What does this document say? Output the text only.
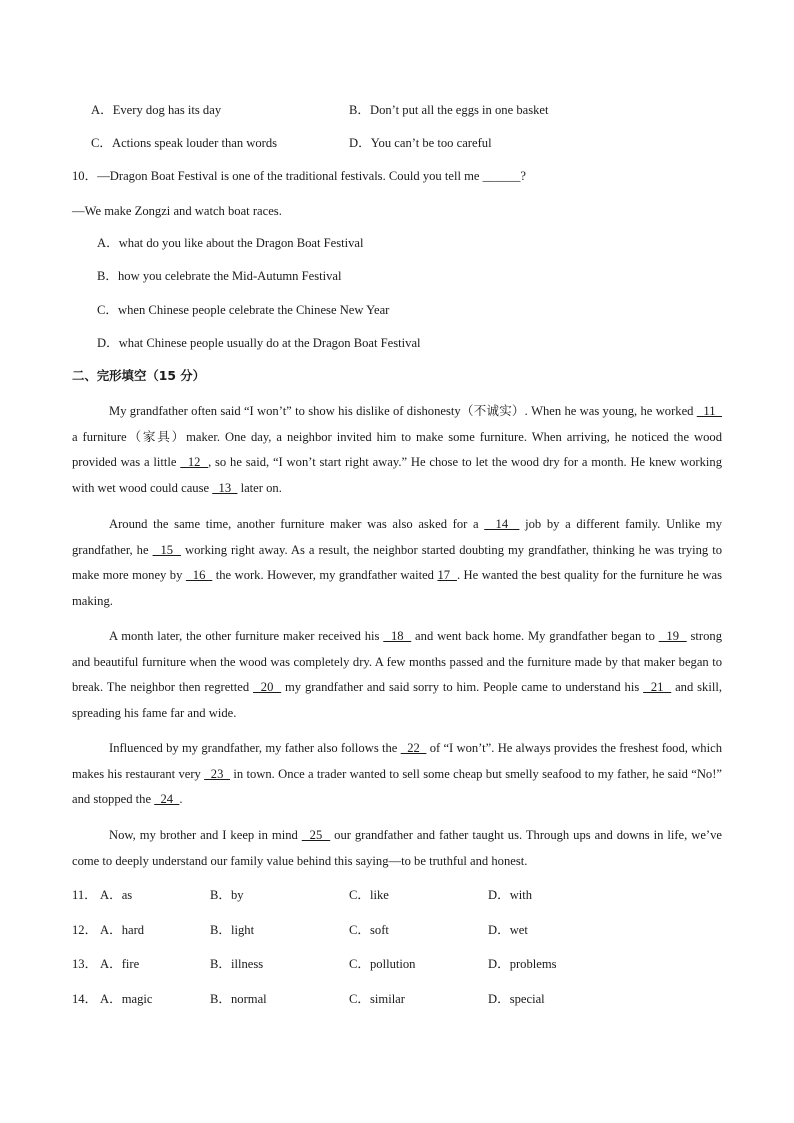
A．Every dog has its day	B．Don’t put all the eggs in one basket
C．Actions speak louder than words	D．You can’t be too careful
10．—Dragon Boat Festival is one of the traditional festivals. Could you tell me ______?
—We make Zongzi and watch boat races.
A．what do you like about the Dragon Boat Festival
B．how you celebrate the Mid-Autumn Festival
C．when Chinese people celebrate the Chinese New Year
D．what Chinese people usually do at the Dragon Boat Festival
二、完形填空（15 分）

My grandfather often said “I won’t” to show his dislike of dishonesty（不诚实）. When he was young, he worked   11   a furniture（家具）maker. One day, a neighbor invited him to make some furniture. When arriving, he noticed the wood provided was a little   12  , so he said, “I won’t start right away.” He chose to let the wood dry for a month. He knew working with wet wood could cause   13   later on.

Around the same time, another furniture maker was also asked for a   14   job by a different family. Unlike my grandfather, he   15   working right away. As a result, the neighbor started doubting my grandfather, thinking he was trying to make more money by   16   the work. However, my grandfather waited 17  . He wanted the best quality for the furniture he was making.

A month later, the other furniture maker received his   18   and went back home. My grandfather began to   19   strong and beautiful furniture when the wood was completely dry. A few months passed and the furniture made by that maker began to break. The neighbor then regretted   20   my grandfather and said sorry to him. People came to understand his   21   and skill, spreading his fame far and wide.

Influenced by my grandfather, my father also follows the   22   of “I won’t”. He always provides the freshest food, which makes his restaurant very   23   in town. Once a trader wanted to sell some cheap but smelly seafood to my father, he said “No!” and stopped the   24  .

Now, my brother and I keep in mind   25   our grandfather and father taught us. Through ups and downs in life, we’ve come to deeply understand our family value behind this saying—to be truthful and honest.

11． A．as	B．by	C．like	D．with
12． A．hard	B．light	C．soft	D．wet
13． A．fire	B．illness	C．pollution	D．problems
14． A．magic	B．normal	C．similar	D．special
